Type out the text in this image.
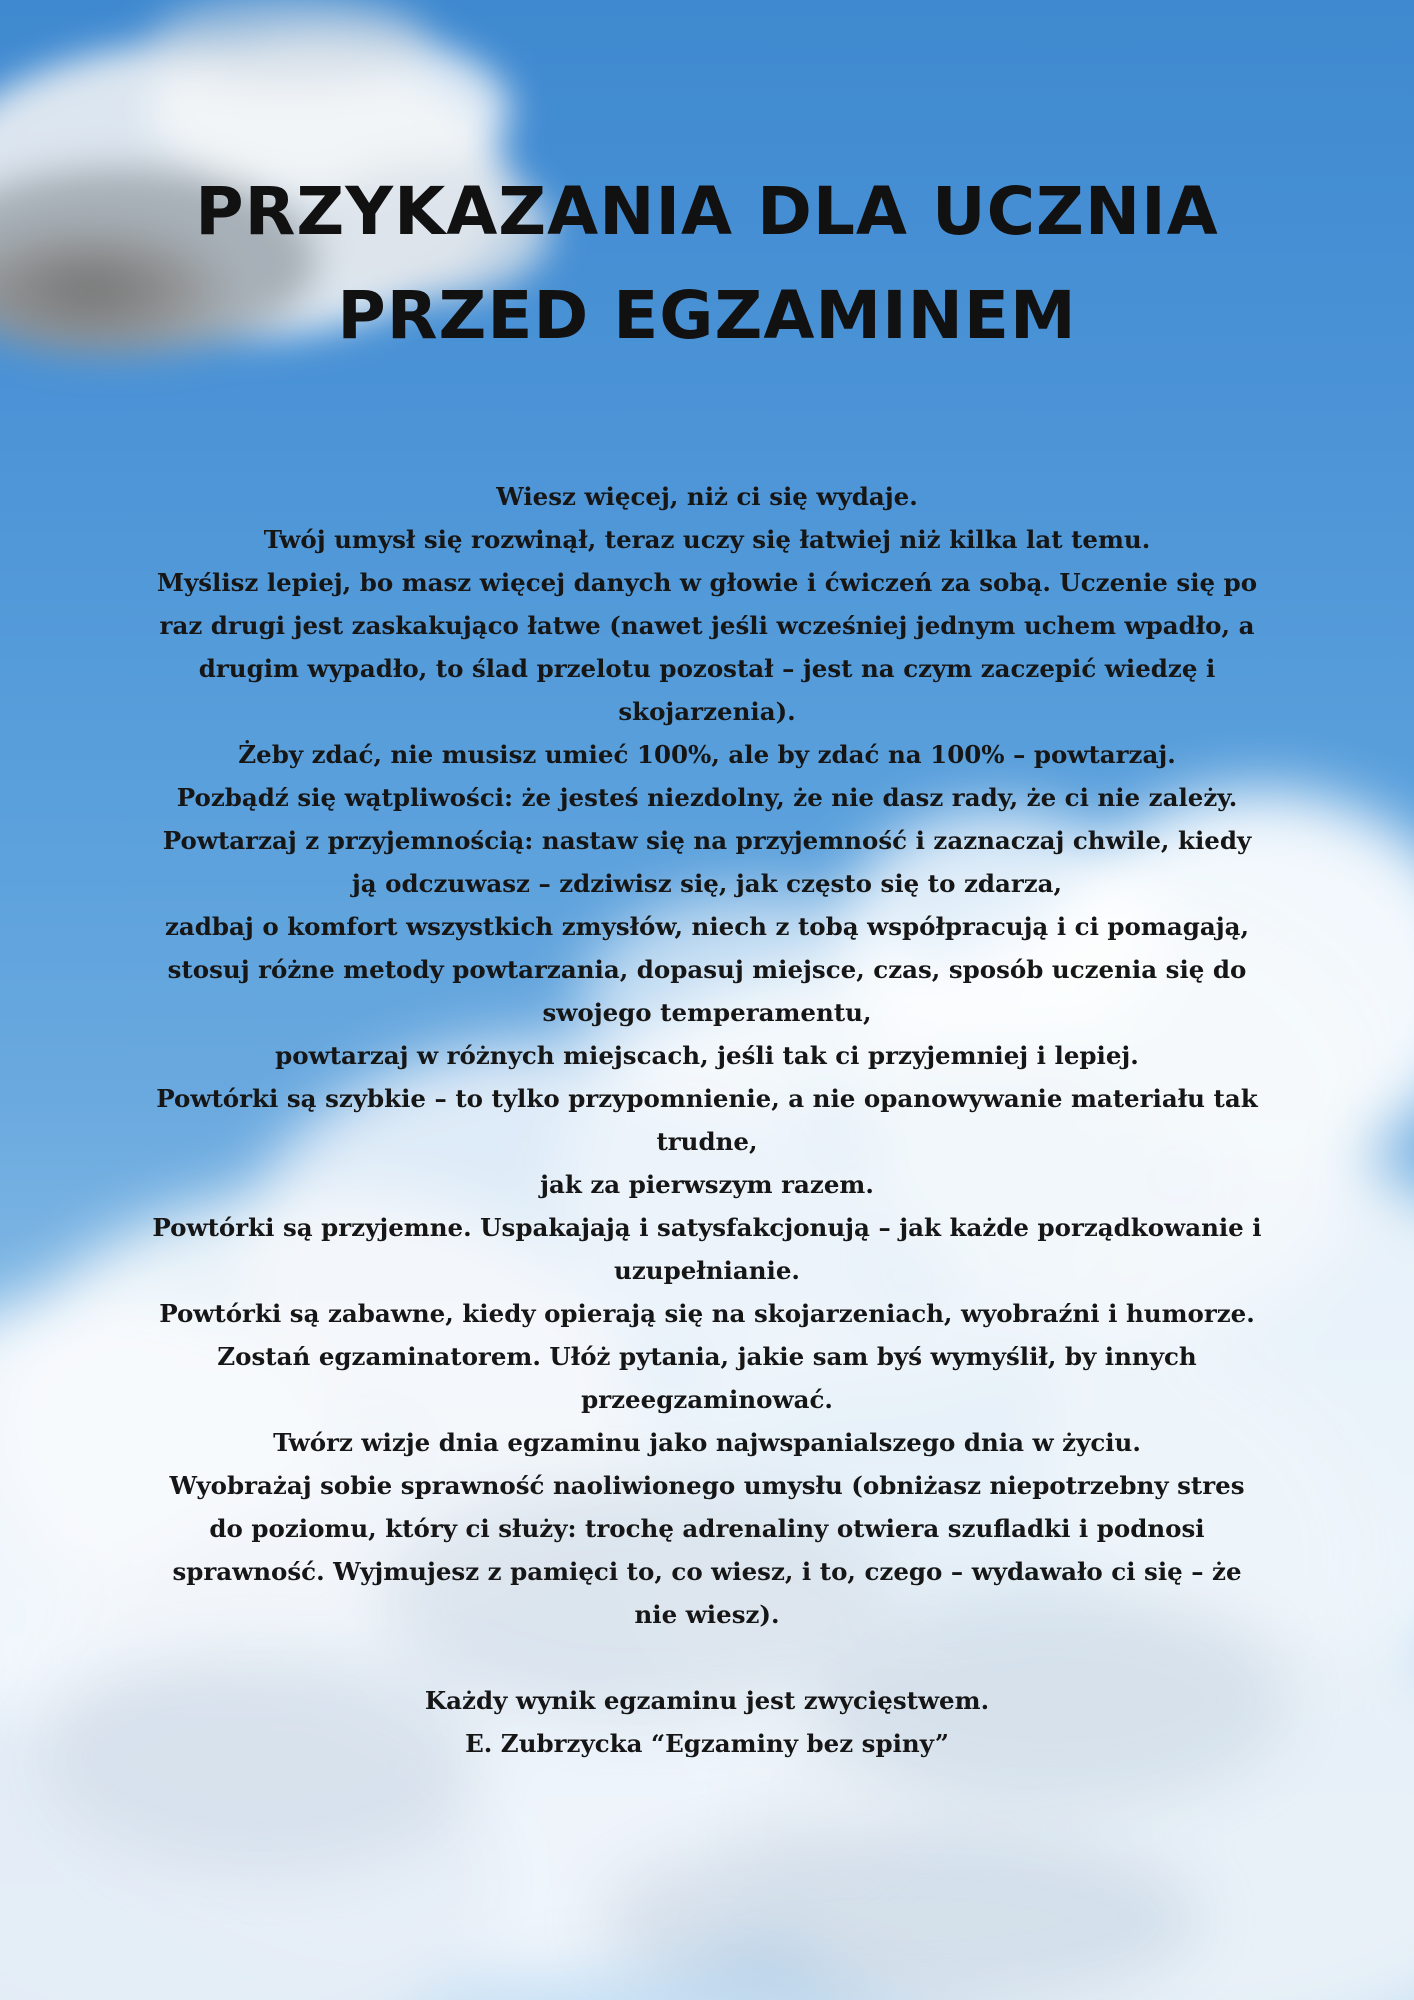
PRZYKAZANIA DLA UCZNIA PRZED EGZAMINEM

Wiesz więcej, niż ci się wydaje.

Twój umysł się rozwinął, teraz uczy się łatwiej niż kilka lat temu.

Myślisz lepiej, bo masz więcej danych w głowie i ćwiczeń za sobą. Uczenie się po raz drugi jest zaskakująco łatwe (nawet jeśli wcześniej jednym uchem wpadło, a drugim wypadło, to ślad przelotu pozostał – jest na czym zaczepić wiedzę i skojarzenia).

Żeby zdać, nie musisz umieć 100%, ale by zdać na 100% – powtarzaj.

Pozbądź się wątpliwości: że jesteś niezdolny, że nie dasz rady, że ci nie zależy.

Powtarzaj z przyjemnością: nastaw się na przyjemność i zaznaczaj chwile, kiedy ją odczuwasz – zdziwisz się, jak często się to zdarza,

zadbaj o komfort wszystkich zmysłów, niech z tobą współpracują i ci pomagają,

stosuj różne metody powtarzania, dopasuj miejsce, czas, sposób uczenia się do swojego temperamentu,

powtarzaj w różnych miejscach, jeśli tak ci przyjemniej i lepiej.

Powtórki są szybkie – to tylko przypomnienie, a nie opanowywanie materiału tak trudne,

jak za pierwszym razem.

Powtórki są przyjemne. Uspakajają i satysfakcjonują – jak każde porządkowanie i uzupełnianie.

Powtórki są zabawne, kiedy opierają się na skojarzeniach, wyobraźni i humorze.

Zostań egzaminatorem. Ułóż pytania, jakie sam byś wymyślił, by innych przeegzaminować.

Twórz wizje dnia egzaminu jako najwspanialszego dnia w życiu.

Wyobrażaj sobie sprawność naoliwionego umysłu (obniżasz niepotrzebny stres do poziomu, który ci służy: trochę adrenaliny otwiera szufladki i podnosi sprawność. Wyjmujesz z pamięci to, co wiesz, i to, czego – wydawało ci się – że nie wiesz).

Każdy wynik egzaminu jest zwycięstwem.

E. Zubrzycka “Egzaminy bez spiny”
